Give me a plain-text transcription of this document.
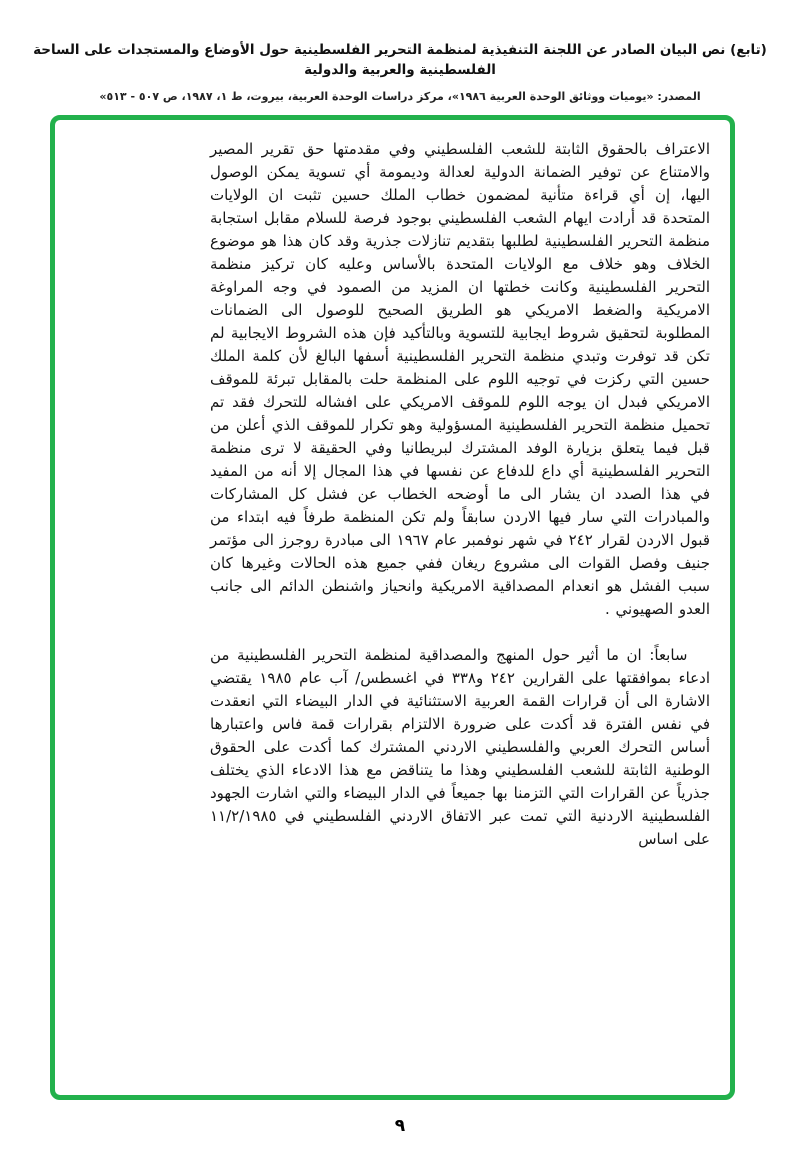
(تابع) نص البيان الصادر عن اللجنة التنفيذية لمنظمة التحرير الفلسطينية حول الأوضاع والمستجدات على الساحة الفلسطينية والعربية والدولية
المصدر: «يوميات ووثائق الوحدة العربية ١٩٨٦»، مركز دراسات الوحدة العربية، بيروت، ط ١، ١٩٨٧، ص ٥٠٧ - ٥١٣»

الاعتراف بالحقوق الثابتة للشعب الفلسطيني وفي مقدمتها حق تقرير المصير والامتناع عن توفير الضمانة الدولية لعدالة وديمومة أي تسوية يمكن الوصول اليها، إن أي قراءة متأنية لمضمون خطاب الملك حسين تثبت ان الولايات المتحدة قد أرادت ايهام الشعب الفلسطيني بوجود فرصة للسلام مقابل استجابة منظمة التحرير الفلسطينية لطلبها بتقديم تنازلات جذرية وقد كان هذا هو موضوع الخلاف وهو خلاف مع الولايات المتحدة بالأساس وعليه كان تركيز منظمة التحرير الفلسطينية وكانت خطتها ان المزيد من الصمود في وجه المراوغة الامريكية والضغط الامريكي هو الطريق الصحيح للوصول الى الضمانات المطلوبة لتحقيق شروط ايجابية للتسوية وبالتأكيد فإن هذه الشروط الايجابية لم تكن قد توفرت وتبدي منظمة التحرير الفلسطينية أسفها البالغ لأن كلمة الملك حسين التي ركزت في توجيه اللوم على المنظمة حلت بالمقابل تبرئة للموقف الامريكي فبدل ان يوجه اللوم للموقف الامريكي على افشاله للتحرك فقد تم تحميل منظمة التحرير الفلسطينية المسؤولية وهو تكرار للموقف الذي أعلن من قبل فيما يتعلق بزيارة الوفد المشترك لبريطانيا وفي الحقيقة لا ترى منظمة التحرير الفلسطينية أي داع للدفاع عن نفسها في هذا المجال إلا أنه من المفيد في هذا الصدد ان يشار الى ما أوضحه الخطاب عن فشل كل المشاركات والمبادرات التي سار فيها الاردن سابقاً ولم تكن المنظمة طرفاً فيه ابتداء من قبول الاردن لقرار ٢٤٢ في شهر نوفمبر عام ١٩٦٧ الى مبادرة روجرز الى مؤتمر جنيف وفصل القوات الى مشروع ريغان ففي جميع هذه الحالات وغيرها كان سبب الفشل هو انعدام المصداقية الامريكية وانحياز واشنطن الدائم الى جانب العدو الصهيوني .

سابعاً: ان ما أثير حول المنهج والمصداقية لمنظمة التحرير الفلسطينية من ادعاء بموافقتها على القرارين ٢٤٢ و٣٣٨ في اغسطس/ آب عام ١٩٨٥ يقتضي الاشارة الى أن قرارات القمة العربية الاستثنائية في الدار البيضاء التي انعقدت في نفس الفترة قد أكدت على ضرورة الالتزام بقرارات قمة فاس واعتبارها أساس التحرك العربي والفلسطيني الاردني المشترك كما أكدت على الحقوق الوطنية الثابتة للشعب الفلسطيني وهذا ما يتناقض مع هذا الادعاء الذي يختلف جذرياً عن القرارات التي التزمنا بها جميعاً في الدار البيضاء والتي اشارت الجهود الفلسطينية الاردنية التي تمت عبر الاتفاق الاردني الفلسطيني في ١١/٢/١٩٨٥ على اساس

٩
